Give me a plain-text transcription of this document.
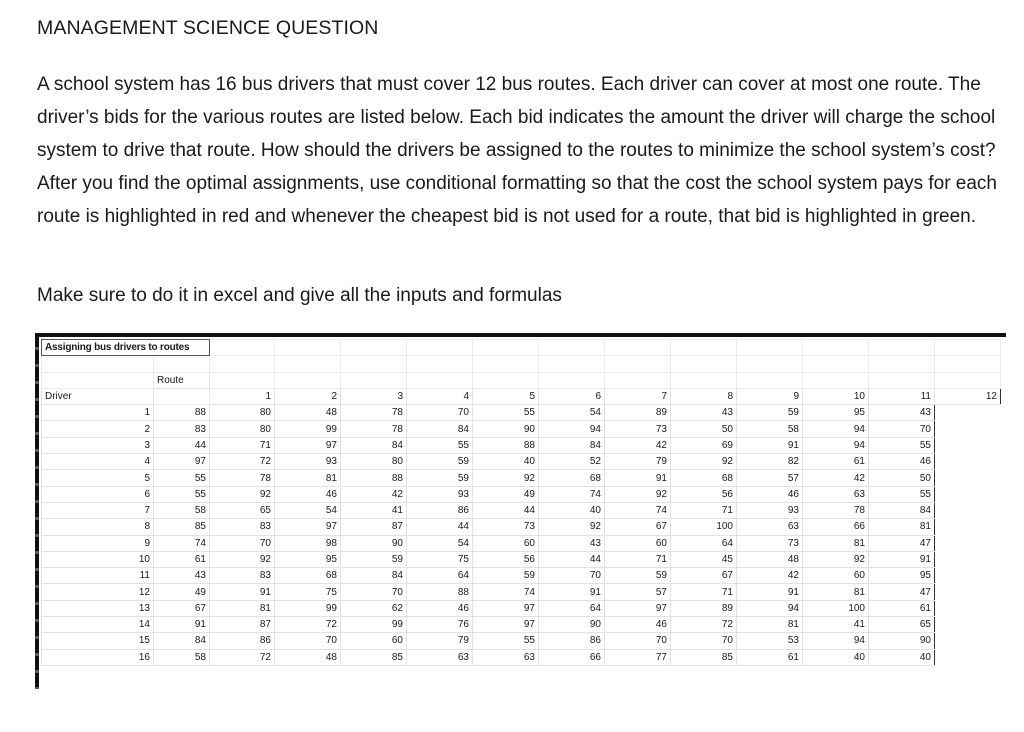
MANAGEMENT SCIENCE QUESTION
A school system has 16 bus drivers that must cover 12 bus routes. Each driver can cover at most one route. The driver’s bids for the various routes are listed below. Each bid indicates the amount the driver will charge the school system to drive that route. How should the drivers be assigned to the routes to minimize the school system’s cost? After you find the optimal assignments, use conditional formatting so that the cost the school system pays for each route is highlighted in red and whenever the cheapest bid is not used for a route, that bid is highlighted in green.
Make sure to do it in excel and give all the inputs and formulas
Assigning bus drivers to routes													

	Route												
Driver		1	2	3	4	5	6	7	8	9	10	11	12
1	88	80	48	78	70	55	54	89	43	59	95	43	
2	83	80	99	78	84	90	94	73	50	58	94	70	
3	44	71	97	84	55	88	84	42	69	91	94	55	
4	97	72	93	80	59	40	52	79	92	82	61	46	
5	55	78	81	88	59	92	68	91	68	57	42	50	
6	55	92	46	42	93	49	74	92	56	46	63	55	
7	58	65	54	41	86	44	40	74	71	93	78	84	
8	85	83	97	87	44	73	92	67	100	63	66	81	
9	74	70	98	90	54	60	43	60	64	73	81	47	
10	61	92	95	59	75	56	44	71	45	48	92	91	
11	43	83	68	84	64	59	70	59	67	42	60	95	
12	49	91	75	70	88	74	91	57	71	91	81	47	
13	67	81	99	62	46	97	64	97	89	94	100	61	
14	91	87	72	99	76	97	90	46	72	81	41	65	
15	84	86	70	60	79	55	86	70	70	53	94	90	
16	58	72	48	85	63	63	66	77	85	61	40	40	
